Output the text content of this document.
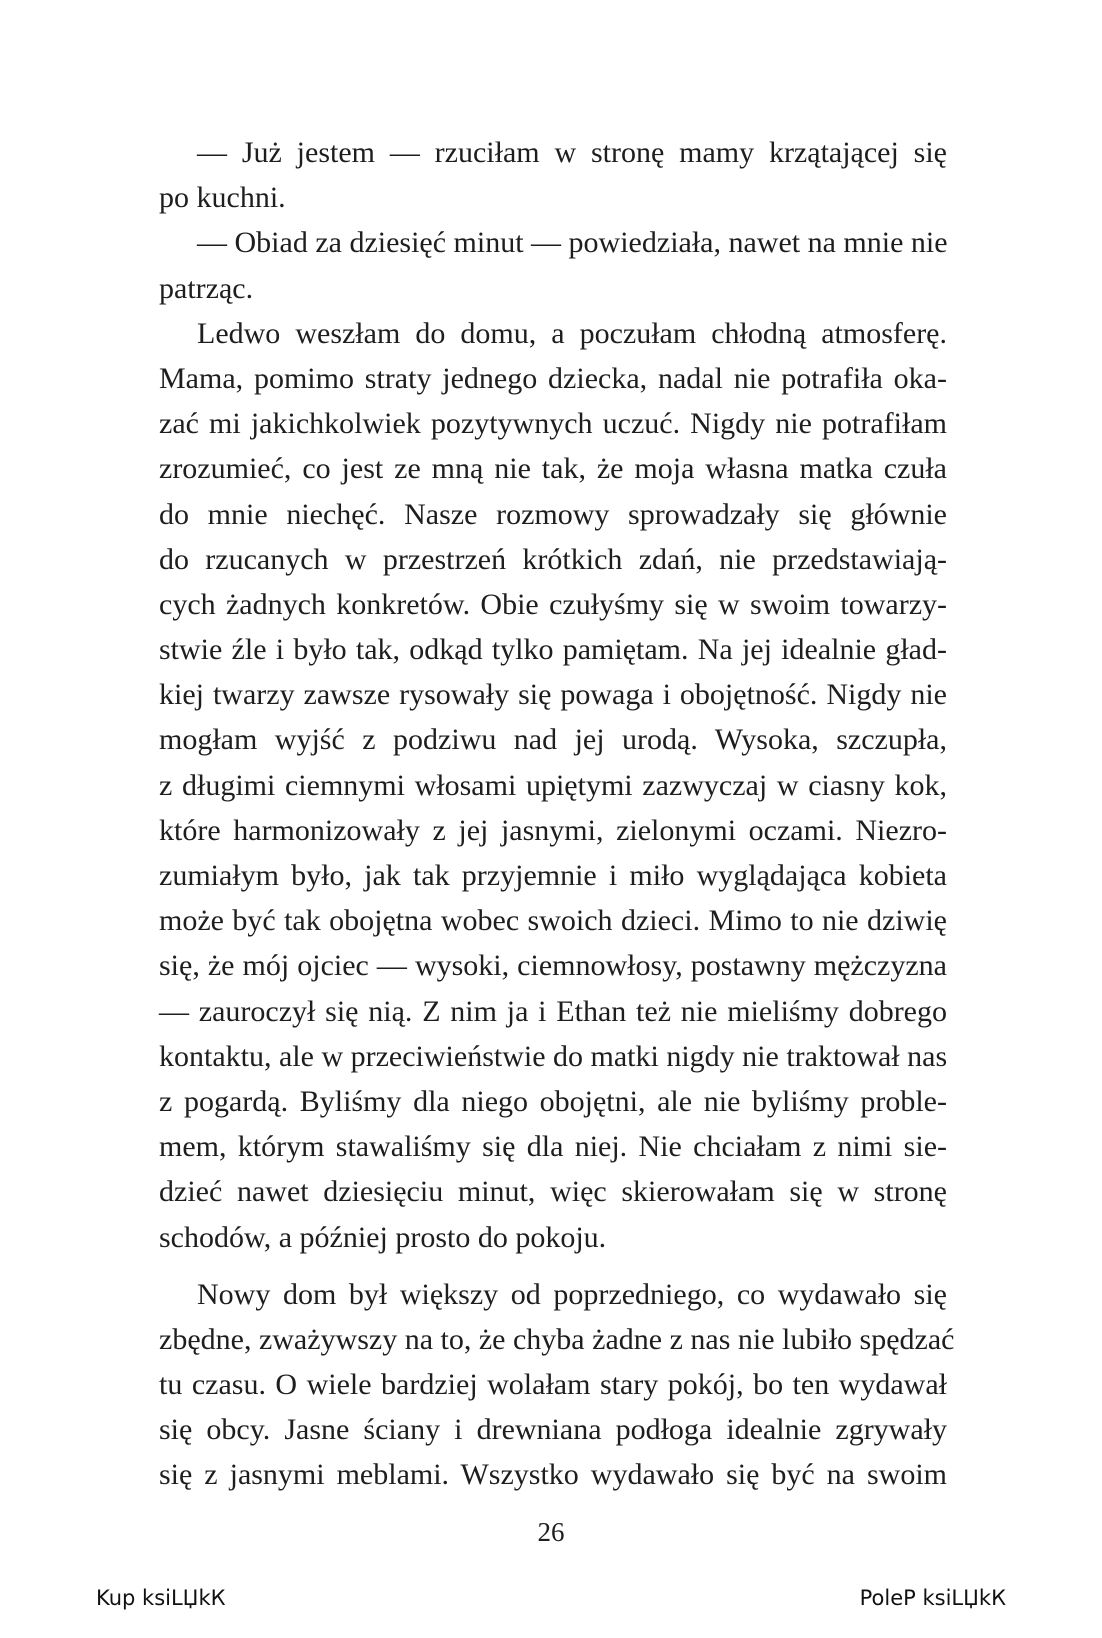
— Już jestem — rzuciłam w stronę mamy krzątającej się
po kuchni.
— Obiad za dziesięć minut — powiedziała, nawet na mnie nie
patrząc.
Ledwo weszłam do domu, a poczułam chłodną atmosferę.
Mama, pomimo straty jednego dziecka, nadal nie potrafiła oka-
zać mi jakichkolwiek pozytywnych uczuć. Nigdy nie potrafiłam
zrozumieć, co jest ze mną nie tak, że moja własna matka czuła
do mnie niechęć. Nasze rozmowy sprowadzały się głównie
do rzucanych w przestrzeń krótkich zdań, nie przedstawiają-
cych żadnych konkretów. Obie czułyśmy się w swoim towarzy-
stwie źle i było tak, odkąd tylko pamiętam. Na jej idealnie gład-
kiej twarzy zawsze rysowały się powaga i obojętność. Nigdy nie
mogłam wyjść z podziwu nad jej urodą. Wysoka, szczupła,
z długimi ciemnymi włosami upiętymi zazwyczaj w ciasny kok,
które harmonizowały z jej jasnymi, zielonymi oczami. Niezro-
zumiałym było, jak tak przyjemnie i miło wyglądająca kobieta
może być tak obojętna wobec swoich dzieci. Mimo to nie dziwię
się, że mój ojciec — wysoki, ciemnowłosy, postawny mężczyzna
— zauroczył się nią. Z nim ja i Ethan też nie mieliśmy dobrego
kontaktu, ale w przeciwieństwie do matki nigdy nie traktował nas
z pogardą. Byliśmy dla niego obojętni, ale nie byliśmy proble-
mem, którym stawaliśmy się dla niej. Nie chciałam z nimi sie-
dzieć nawet dziesięciu minut, więc skierowałam się w stronę
schodów, a później prosto do pokoju.
Nowy dom był większy od poprzedniego, co wydawało się
zbędne, zważywszy na to, że chyba żadne z nas nie lubiło spędzać
tu czasu. O wiele bardziej wolałam stary pokój, bo ten wydawał
się obcy. Jasne ściany i drewniana podłoga idealnie zgrywały
się z jasnymi meblami. Wszystko wydawało się być na swoim
26
Kup ksiLЏkК	PoleР ksiLЏkК
